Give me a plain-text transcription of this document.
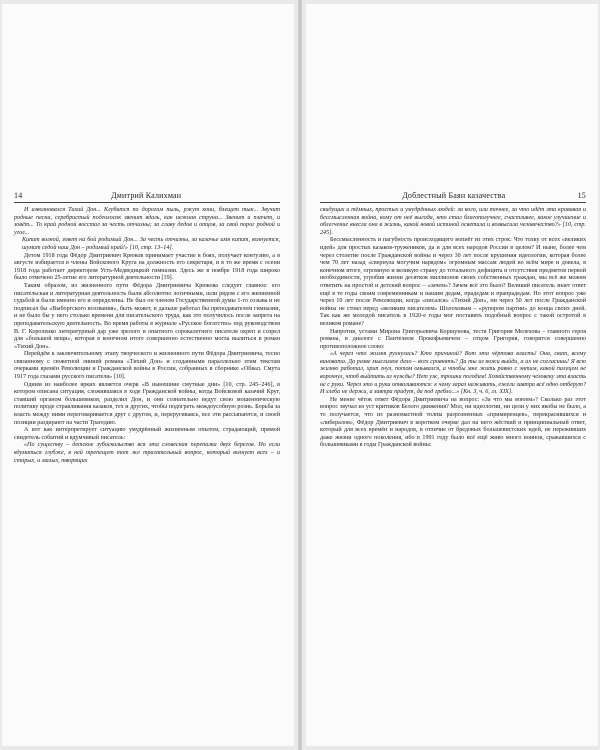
14	Дмитрий Калихман

И изволновался Тихий Дон... Клубится по дорогам пыль, ржут кони, блещет тын... Звучит родные песни, серебристый подголосок звенит вдаль, как нежная струна... Звенит и плачет, и зовёт... То край родной восстал за честь отчизны; за славу дедов и отцов, за свой порог родной и угол...

Кипит волной, зовет на бой родимый Дон... За честь отчизны, за казачье имя кипит, волнуется, шумит седой наш Дон – родимый край!» [10, стр. 13–14].

Детом 1918 года Фёдор Дмитриевич Крюков принимает участие в боях, получает контузию, а в августе избирается в члены Войскового Круга на должность его секретаря, и в то же время с осени 1918 года работает директором Усть-Медведицкой гимназии. Здесь же в ноябре 1918 года широко было отмечено 25-летие его литературной деятельности [19].

Таким образом, из жизненного пути Фёдора Дмитриевича Крюкова следует главное: его писательская и литературная деятельность были абсолютно логичными, шли рядом с его жизненной судьбой и были именно его и определены. Не был он членом Государственной думы 1-го созыва и не подписал бы «Выборгского воззвания», быть может, и дальше работал бы преподавателем гимназии, и не было бы у него столько времени для писательского труда, как это получилось после запрета на преподавательскую деятельность. Во время работы в журнале «Русское богатство» под руководством В. Г. Короленко литературный дар уже зрелого и опытного сорокалетнего писателя окреп и созрел для «большой вещи», которая в конечном итоге совершенно естественно могла вылиться в роман «Тихий Дон».

Перейдём к заключительному этапу творческого и жизненного пути Фёдора Дмитриевича, тесно связанному с сюжетной линией романа «Тихий Дон» и созданными параллельно этим текстам очерками времён Революции и Гражданской войны в России, собранных в сборнике «Обвал. Смута 1917 года глазами русского писателя» [10].

Одним из наиболее ярких является очерк «В нынешние смутные дни» [10, стр. 245–246], в котором описана ситуация, сложившаяся в ходе Гражданской войны, когда Войсковой казачий Круг, ставший органом большевиков, разделил Дон, и они сознательно ведут свою мошенническую политику вроде стравливания казаков, тех и других, чтобы подогреть междоусобную рознь. Борьба за власть между ними переговаривается друг с другом, и, переругиваясь, все эти рассыпаются, и своей позиции раздирают на части Трагедию.

А вот как интерпретирует ситуацию умудрённый жизненным опытом, страдающий, прямой свидетель событий и вдумчивый писатель:

«По существу – детское зубоскальство вся эта словесная перепалка двух берегов. Но если вдуматься глубже, в ней трепещет тот же трагательный вопрос, который волнует всех – и старых, и малых, творящих

Доблестный Баян казачества	15

свидущих и тёмных, простых и умудрённых людей: за кого, или точнее, за что идёт эта кровавая и бессмысленная война, кому от неё выгода, кто стал благополучнее, счастливее, какое улучшение и облегчение внесла она в жизнь, какой новой истиной осветила и возвысила человечество?» [10, стр. 245].

Бессмысленность и пагубность происходящего вопиёт из этих строк: Что толку от всех «великих идей» для простых казаков-тружеников, да и для всех народов России в целом? И ныне, более чем через столетие после Гражданской войны и через 30 лет после крушения идеологии, которая более чем 70 лет назад «свернула могучим нарядом» огромным массам людей во всём мире и довела, в конечном итоге, огромную и великую страну до тотального дефицита и отсутствия предметов первой необходимости, угробив жизни десятков миллионов своих собственных граждан, мы всё же можем ответить на простой и детский вопрос – «зачем»? Зачем всё это было? Великий писатель знает ответ ещё в те годы своим современникам и нашим дедам, прадедам и прапрадедам. Но этот вопрос уже через 10 лет после Революции, когда «писался» «Тихий Дон», ни через 50 лет после Гражданской войны не стоял перед «великим писателем» Шолоховым – «рупором партии» до конца своих дней. Так как же молодой писатель в 1920-е годы мог поставить подобный вопрос с такой остротой в великом романе?

Напротив, устами Мирона Григорьевича Коршунова, тестя Григория Мелехова – главного героя романа, в диалоге с Пантелеем Прокофьевичем – отцом Григория, говорится совершенно противоположное слово:

«А через что жизня рухнулась? Кто причиной? Вот эта чёртова власть! Она, сват, всему виновата. Да разве мыслимое дело – всех сровнять? Да ты из кожи выйди, а их не согласишь! Я всю жизню работал, хрип гнул, потом омывался, а чтобы мне жить равно с энтим, какой палецем не ворохнул, чтоб выйтить из нужды? Нет уж, трошки погодим! Хозяйственному человеку эта власть не с руки. Через это и руки отваливаются: к чему зараз наживать, ежели завтра всё одно отберут? И хлеба не держи, а завтра придут, да под гребло...» [Кн. 3, ч. 6, гл. XIX].

Не менее чёток ответ Фёдора Дмитриевича на вопрос: «За что мы воюем»? Сколько раз этот вопрос звучал из уст критиков Белого движения? Мол, ни идеологии, ни цели у них якобы не было, а то получается, что из разномастной толпы разрозненных «примиренцев», перекрасившихся и «либералов», Фёдор Дмитриевич в коротком очерке дал на него жёсткий и принципиальный ответ, который для всех времён и народов, в отличие от бредовых большевистских идей, не переживших даже жизни одного поколения, ибо в 1991 году было всё ещё живо много воинов, сражавшихся с большевиками в годы Гражданской войны:
